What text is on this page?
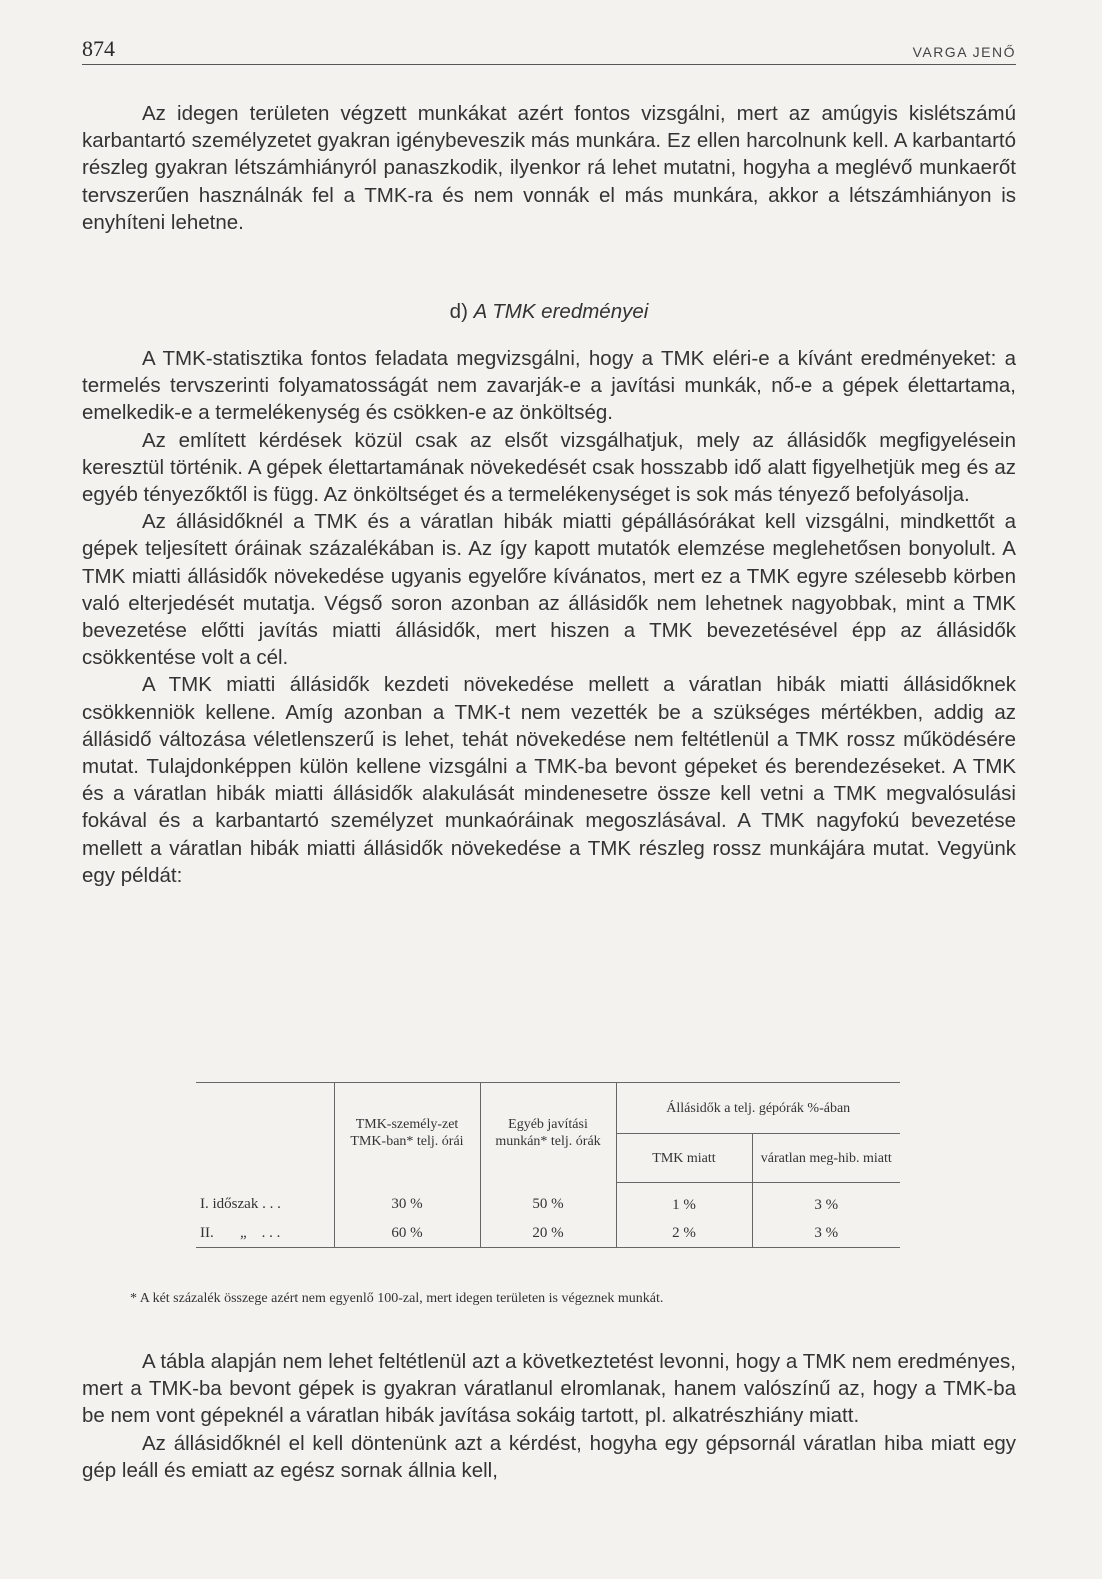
874	VARGA JENŐ

Az idegen területen végzett munkákat azért fontos vizsgálni, mert az amúgyis kislétszámú karbantartó személyzetet gyakran igénybeveszik más munkára. Ez ellen harcolnunk kell. A karbantartó részleg gyakran létszámhiányról panaszkodik, ilyenkor rá lehet mutatni, hogyha a meglévő munkaerőt tervszerűen használnák fel a TMK-ra és nem vonnák el más munkára, akkor a létszámhiányon is enyhíteni lehetne.

d) A TMK eredményei

A TMK-statisztika fontos feladata megvizsgálni, hogy a TMK eléri-e a kívánt eredményeket: a termelés tervszerinti folyamatosságát nem zavarják-e a javítási munkák, nő-e a gépek élettartama, emelkedik-e a termelékenység és csökken-e az önköltség.

Az említett kérdések közül csak az elsőt vizsgálhatjuk, mely az állásidők megfigyelésein keresztül történik. A gépek élettartamának növekedését csak hosszabb idő alatt figyelhetjük meg és az egyéb tényezőktől is függ. Az önköltséget és a termelékenységet is sok más tényező befolyásolja.

Az állásidőknél a TMK és a váratlan hibák miatti gépállásórákat kell vizsgálni, mindkettőt a gépek teljesített óráinak százalékában is. Az így kapott mutatók elemzése meglehetősen bonyolult. A TMK miatti állásidők növekedése ugyanis egyelőre kívánatos, mert ez a TMK egyre szélesebb körben való elterjedését mutatja. Végső soron azonban az állásidők nem lehetnek nagyobbak, mint a TMK bevezetése előtti javítás miatti állásidők, mert hiszen a TMK bevezetésével épp az állásidők csökkentése volt a cél.

A TMK miatti állásidők kezdeti növekedése mellett a váratlan hibák miatti állásidőknek csökkenniök kellene. Amíg azonban a TMK-t nem vezették be a szükséges mértékben, addig az állásidő változása véletlenszerű is lehet, tehát növekedése nem feltétlenül a TMK rossz működésére mutat. Tulajdonképpen külön kellene vizsgálni a TMK-ba bevont gépeket és berendezéseket. A TMK és a váratlan hibák miatti állásidők alakulását mindenesetre össze kell vetni a TMK megvalósulási fokával és a karbantartó személyzet munkaóráinak megoszlásával. A TMK nagyfokú bevezetése mellett a váratlan hibák miatti állásidők növekedése a TMK részleg rossz munkájára mutat. Vegyünk egy példát:

	TMK-személy-zet TMK-ban* telj. órái	Egyéb javítási munkán* telj. órák	Állásidők a telj. gépórák %-ában	
			TMK miatt	váratlan meg-hib. miatt
I. időszak . . .	30 %	50 %	1 %	3 %
II.       „    . . .	60 %	20 %	2 %	3 %
* A két százalék összege azért nem egyenlő 100-zal, mert idegen területen is végeznek munkát.

A tábla alapján nem lehet feltétlenül azt a következtetést levonni, hogy a TMK nem eredményes, mert a TMK-ba bevont gépek is gyakran váratlanul elromlanak, hanem valószínű az, hogy a TMK-ba be nem vont gépeknél a váratlan hibák javítása sokáig tartott, pl. alkatrészhiány miatt.

Az állásidőknél el kell döntenünk azt a kérdést, hogyha egy gépsornál váratlan hiba miatt egy gép leáll és emiatt az egész sornak állnia kell,
